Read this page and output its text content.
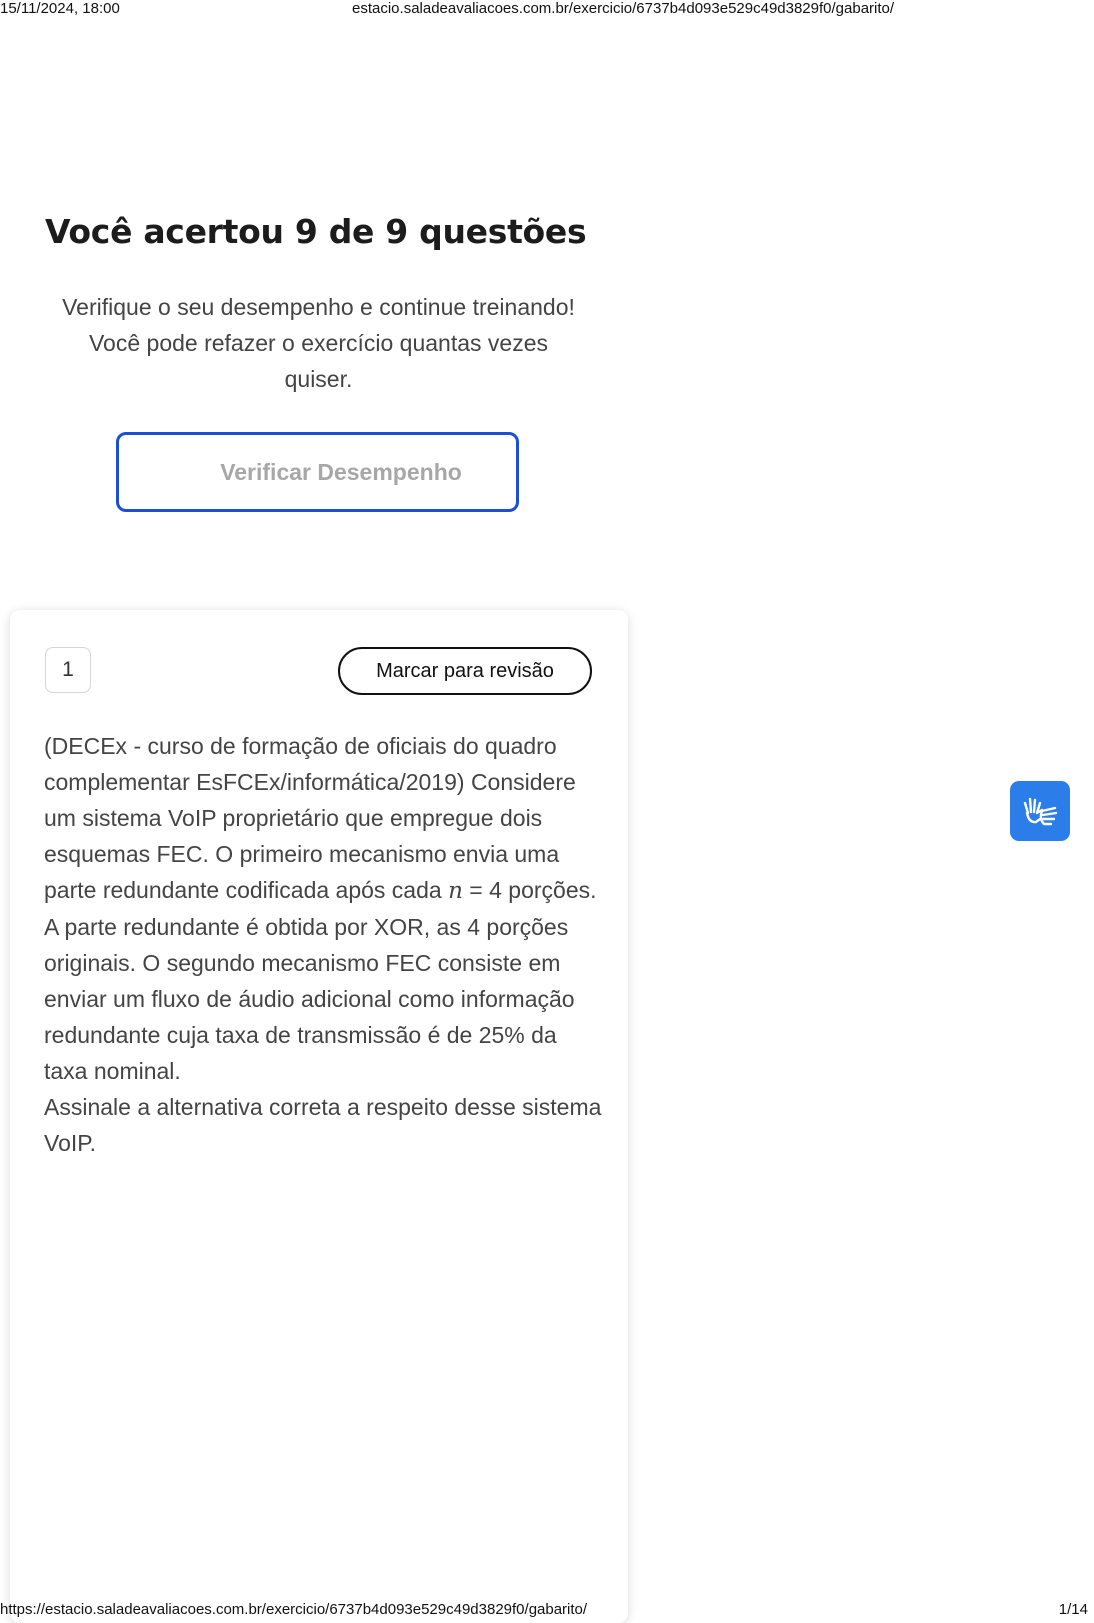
15/11/2024, 18:00	estacio.saladeavaliacoes.com.br/exercicio/6737b4d093e529c49d3829f0/gabarito/
Você acertou 9 de 9 questões

Verifique o seu desempenho e continue treinando! Você pode refazer o exercício quantas vezes quiser.

Verificar Desempenho
1	Marcar para revisão

(DECEx - curso de formação de oficiais do quadro complementar EsFCEx/informática/2019) Considere um sistema VoIP proprietário que empregue dois esquemas FEC. O primeiro mecanismo envia uma parte redundante codificada após cada n = 4 porções. A parte redundante é obtida por XOR, as 4 porções originais. O segundo mecanismo FEC consiste em enviar um fluxo de áudio adicional como informação redundante cuja taxa de transmissão é de 25% da taxa nominal.
Assinale a alternativa correta a respeito desse sistema VoIP.

https://estacio.saladeavaliacoes.com.br/exercicio/6737b4d093e529c49d3829f0/gabarito/	1/14
